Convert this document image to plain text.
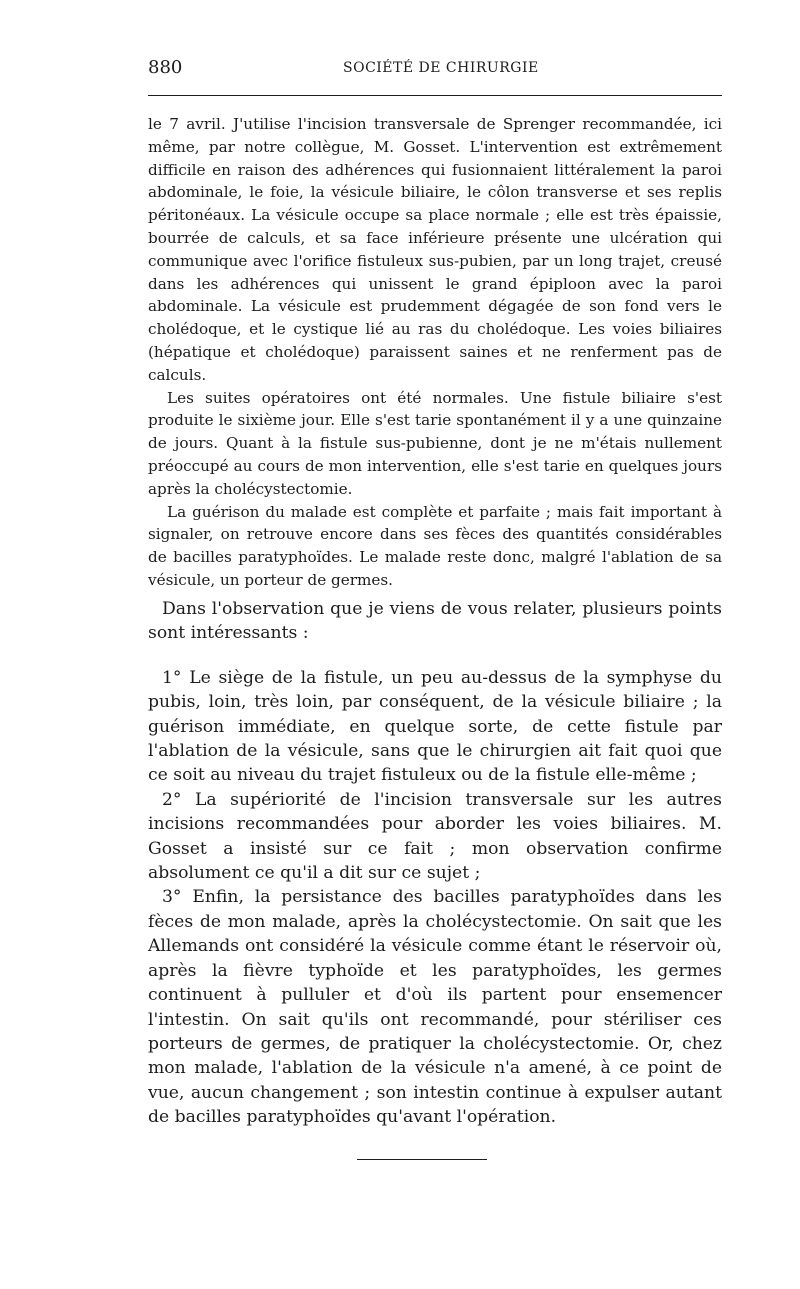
880	SOCIÉTÉ DE CHIRURGIE

le 7 avril. J'utilise l'incision transversale de Sprenger recommandée, ici même, par notre collègue, M. Gosset. L'intervention est extrêmement difficile en raison des adhérences qui fusionnaient littéralement la paroi abdominale, le foie, la vésicule biliaire, le côlon transverse et ses replis péritonéaux. La vésicule occupe sa place normale ; elle est très épaissie, bourrée de calculs, et sa face inférieure présente une ulcération qui communique avec l'orifice fistuleux sus-pubien, par un long trajet, creusé dans les adhérences qui unissent le grand épiploon avec la paroi abdominale. La vésicule est prudemment dégagée de son fond vers le cholédoque, et le cystique lié au ras du cholédoque. Les voies biliaires (hépatique et cholédoque) paraissent saines et ne renferment pas de calculs.

Les suites opératoires ont été normales. Une fistule biliaire s'est produite le sixième jour. Elle s'est tarie spontanément il y a une quinzaine de jours. Quant à la fistule sus-pubienne, dont je ne m'étais nullement préoccupé au cours de mon intervention, elle s'est tarie en quelques jours après la cholécystectomie.

La guérison du malade est complète et parfaite ; mais fait important à signaler, on retrouve encore dans ses fèces des quantités considérables de bacilles paratyphoïdes. Le malade reste donc, malgré l'ablation de sa vésicule, un porteur de germes.

Dans l'observation que je viens de vous relater, plusieurs points sont intéressants :

1° Le siège de la fistule, un peu au-dessus de la symphyse du pubis, loin, très loin, par conséquent, de la vésicule biliaire ; la guérison immédiate, en quelque sorte, de cette fistule par l'ablation de la vésicule, sans que le chirurgien ait fait quoi que ce soit au niveau du trajet fistuleux ou de la fistule elle-même ;

2° La supériorité de l'incision transversale sur les autres incisions recommandées pour aborder les voies biliaires. M. Gosset a insisté sur ce fait ; mon observation confirme absolument ce qu'il a dit sur ce sujet ;

3° Enfin, la persistance des bacilles paratyphoïdes dans les fèces de mon malade, après la cholécystectomie. On sait que les Allemands ont considéré la vésicule comme étant le réservoir où, après la fièvre typhoïde et les paratyphoïdes, les germes continuent à pulluler et d'où ils partent pour ensemencer l'intestin. On sait qu'ils ont recommandé, pour stériliser ces porteurs de germes, de pratiquer la cholécystectomie. Or, chez mon malade, l'ablation de la vésicule n'a amené, à ce point de vue, aucun changement ; son intestin continue à expulser autant de bacilles paratyphoïdes qu'avant l'opération.
